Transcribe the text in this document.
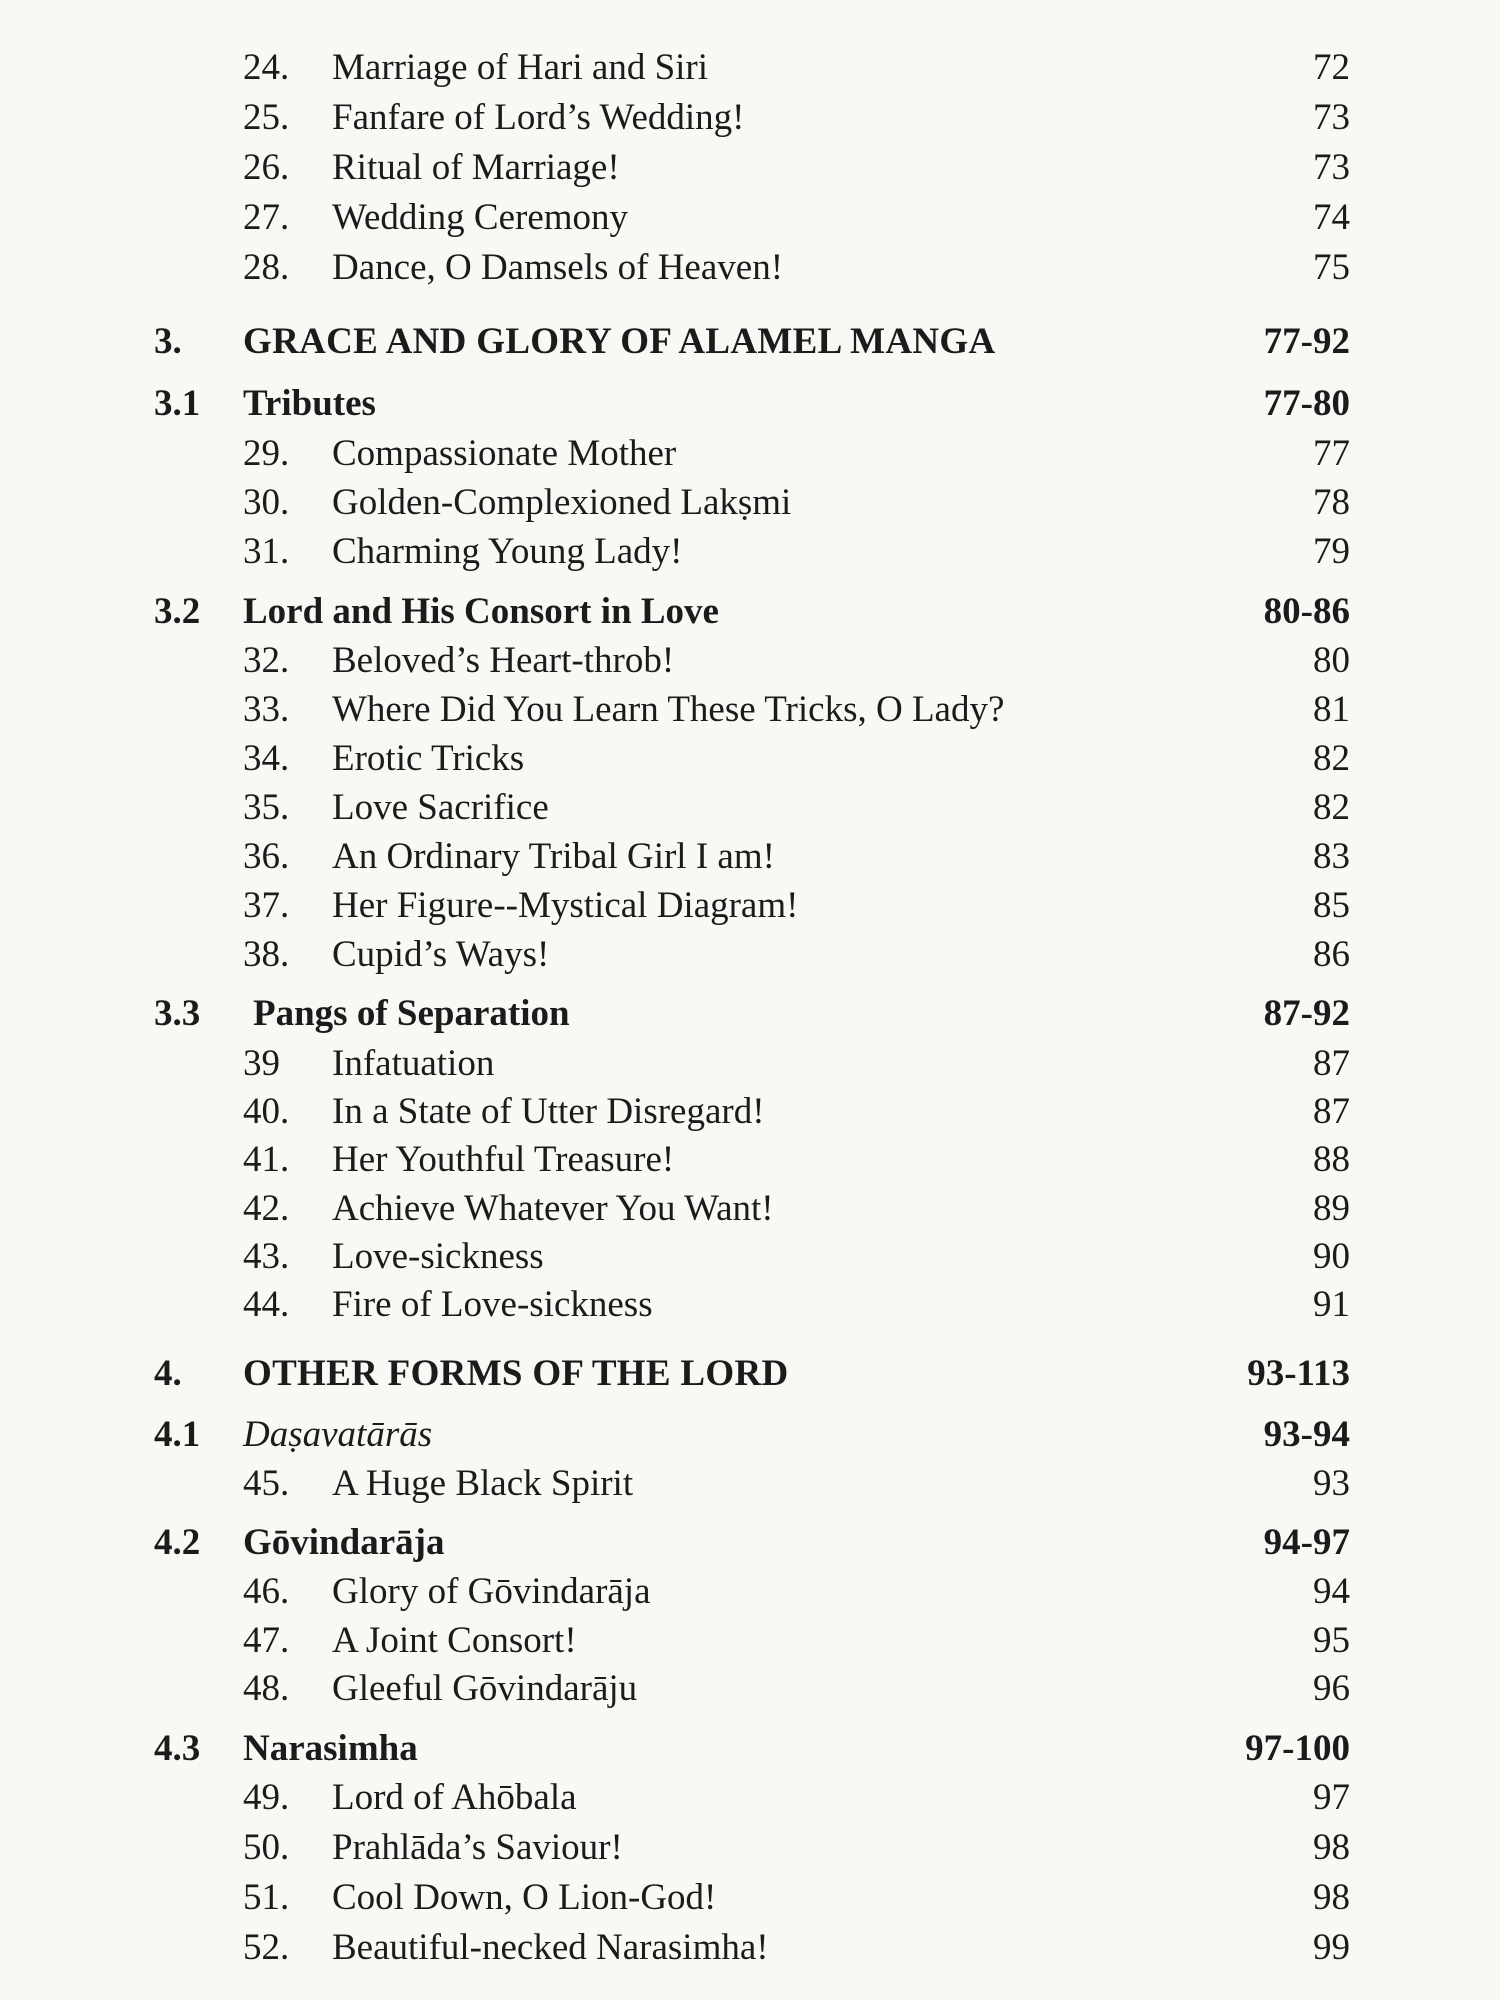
24. Marriage of Hari and Siri	72
25. Fanfare of Lord’s Wedding!	73
26. Ritual of Marriage!	73
27. Wedding Ceremony	74
28. Dance, O Damsels of Heaven!	75
3. GRACE AND GLORY OF ALAMEL MANGA	77-92
3.1 Tributes	77-80
29. Compassionate Mother	77
30. Golden-Complexioned Lakṣmi	78
31. Charming Young Lady!	79
3.2 Lord and His Consort in Love	80-86
32. Beloved’s Heart-throb!	80
33. Where Did You Learn These Tricks, O Lady?	81
34. Erotic Tricks	82
35. Love Sacrifice	82
36. An Ordinary Tribal Girl I am!	83
37. Her Figure--Mystical Diagram!	85
38. Cupid’s Ways!	86
3.3 Pangs of Separation	87-92
39 Infatuation	87
40. In a State of Utter Disregard!	87
41. Her Youthful Treasure!	88
42. Achieve Whatever You Want!	89
43. Love-sickness	90
44. Fire of Love-sickness	91
4. OTHER FORMS OF THE LORD	93-113
4.1 Daṣavatārās	93-94
45. A Huge Black Spirit	93
4.2 Gōvindarāja	94-97
46. Glory of Gōvindarāja	94
47. A Joint Consort!	95
48. Gleeful Gōvindarāju	96
4.3 Narasimha	97-100
49. Lord of Ahōbala	97
50. Prahlāda’s Saviour!	98
51. Cool Down, O Lion-God!	98
52. Beautiful-necked Narasimha!	99
